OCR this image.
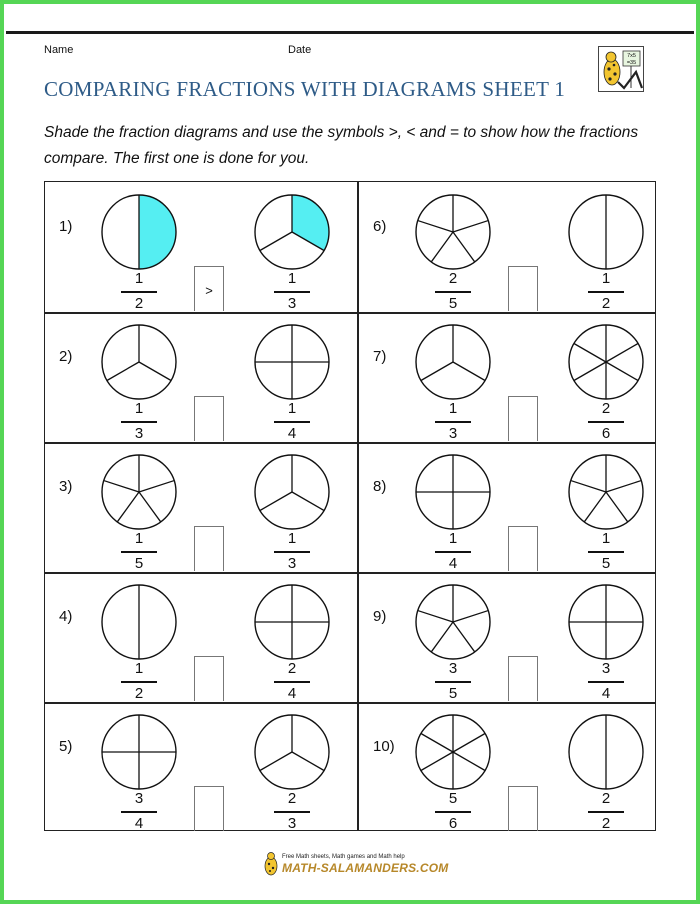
Name	Date	7x5
=35
COMPARING FRACTIONS WITH DIAGRAMS SHEET 1
Shade the fraction diagrams and use the symbols >, < and = to show how the fractions compare. The first one is done for you.
1)
1
2
1
3
>
2)
1
3
1
4
3)
1
5
1
3
4)
1
2
2
4
5)
3
4
2
3
6)
2
5
1
2
7)
1
3
2
6
8)
1
4
1
5
9)
3
5
3
4
10)
5
6
2
2
Free Math sheets, Math games and Math help
MATH-SALAMANDERS.COM
